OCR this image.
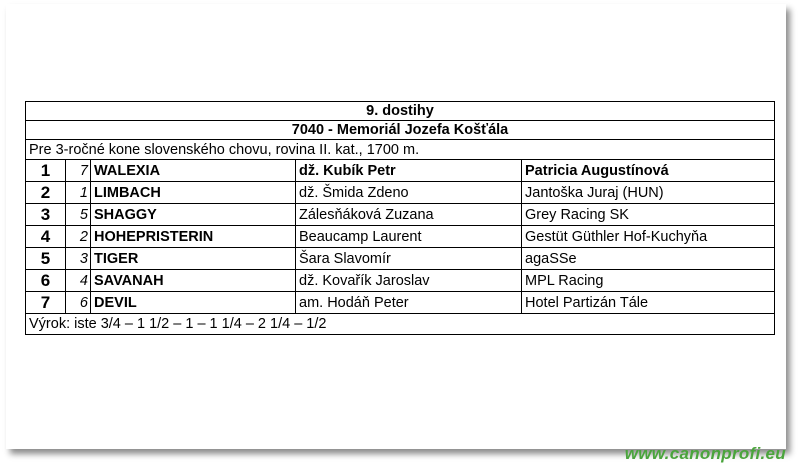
9. dostihy				
7040 - Memoriál Jozefa Košťála				
Pre 3-ročné kone slovenského chovu, rovina II. kat., 1700 m.				
1	7	WALEXIA	dž. Kubík Petr	Patricia Augustínová
2	1	LIMBACH	dž. Šmida Zdeno	Jantoška Juraj (HUN)
3	5	SHAGGY	Zálesňáková Zuzana	Grey Racing SK
4	2	HOHEPRISTERIN	Beaucamp Laurent	Gestüt Güthler Hof-Kuchyňa
5	3	TIGER	Šara Slavomír	agaSSe
6	4	SAVANAH	dž. Kovařík Jaroslav	MPL Racing
7	6	DEVIL	am. Hodáň Peter	Hotel Partizán Tále
Výrok: iste 3/4 – 1 1/2 – 1 – 1 1/4 – 2 1/4 – 1/2				
www.canonprofi.eu
